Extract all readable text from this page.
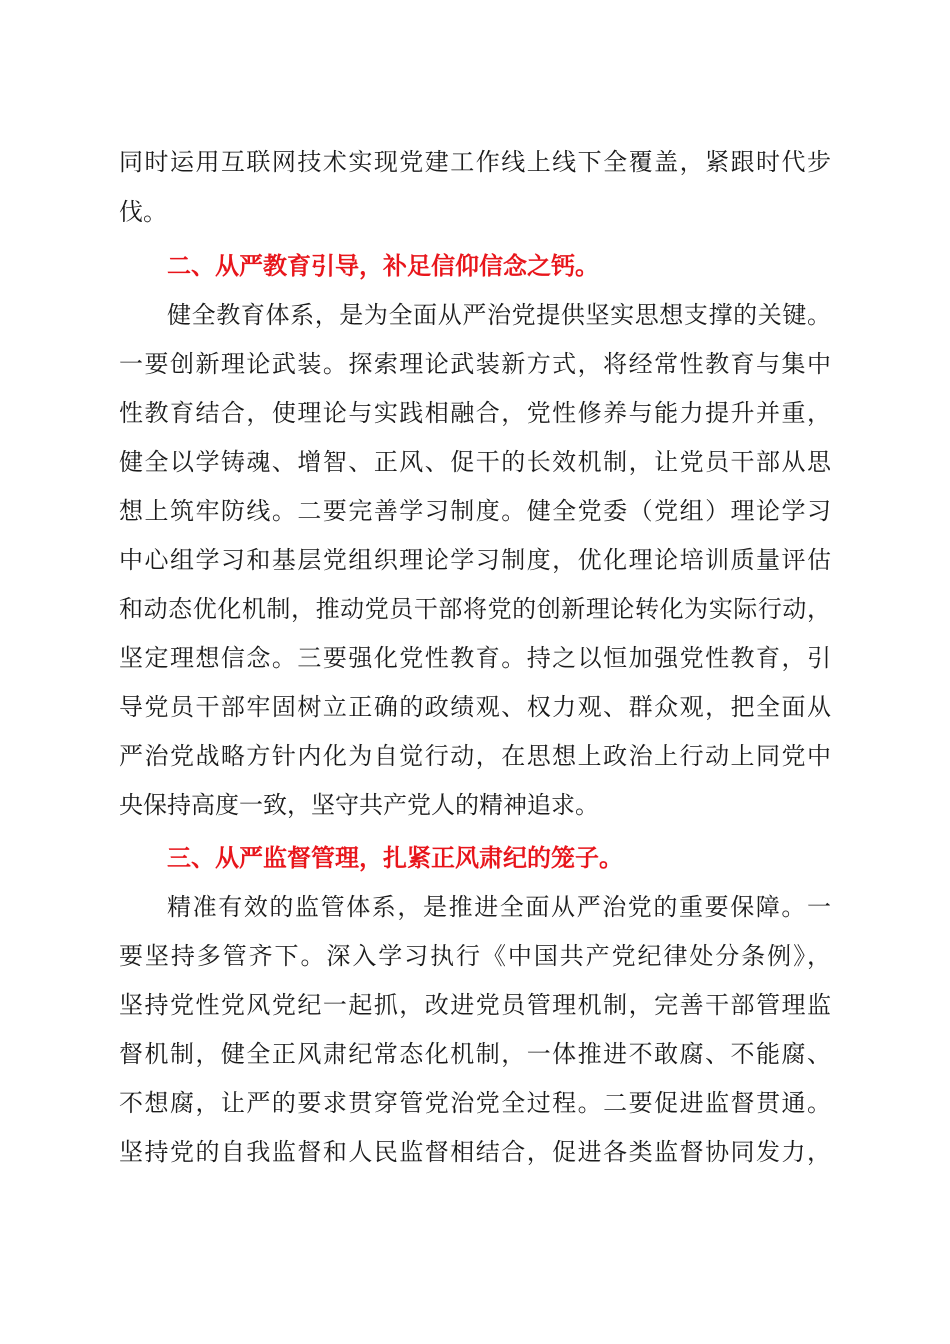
同时运用互联网技术实现党建工作线上线下全覆盖，紧跟时代步
伐。
二、从严教育引导，补足信仰信念之钙。
健全教育体系，是为全面从严治党提供坚实思想支撑的关键。
一要创新理论武装。探索理论武装新方式，将经常性教育与集中
性教育结合，使理论与实践相融合，党性修养与能力提升并重，
健全以学铸魂、增智、正风、促干的长效机制，让党员干部从思
想上筑牢防线。二要完善学习制度。健全党委（党组）理论学习
中心组学习和基层党组织理论学习制度，优化理论培训质量评估
和动态优化机制，推动党员干部将党的创新理论转化为实际行动，
坚定理想信念。三要强化党性教育。持之以恒加强党性教育，引
导党员干部牢固树立正确的政绩观、权力观、群众观，把全面从
严治党战略方针内化为自觉行动，在思想上政治上行动上同党中
央保持高度一致，坚守共产党人的精神追求。
三、从严监督管理，扎紧正风肃纪的笼子。
精准有效的监管体系，是推进全面从严治党的重要保障。一
要坚持多管齐下。深入学习执行《中国共产党纪律处分条例》，
坚持党性党风党纪一起抓，改进党员管理机制，完善干部管理监
督机制，健全正风肃纪常态化机制，一体推进不敢腐、不能腐、
不想腐，让严的要求贯穿管党治党全过程。二要促进监督贯通。
坚持党的自我监督和人民监督相结合，促进各类监督协同发力，
